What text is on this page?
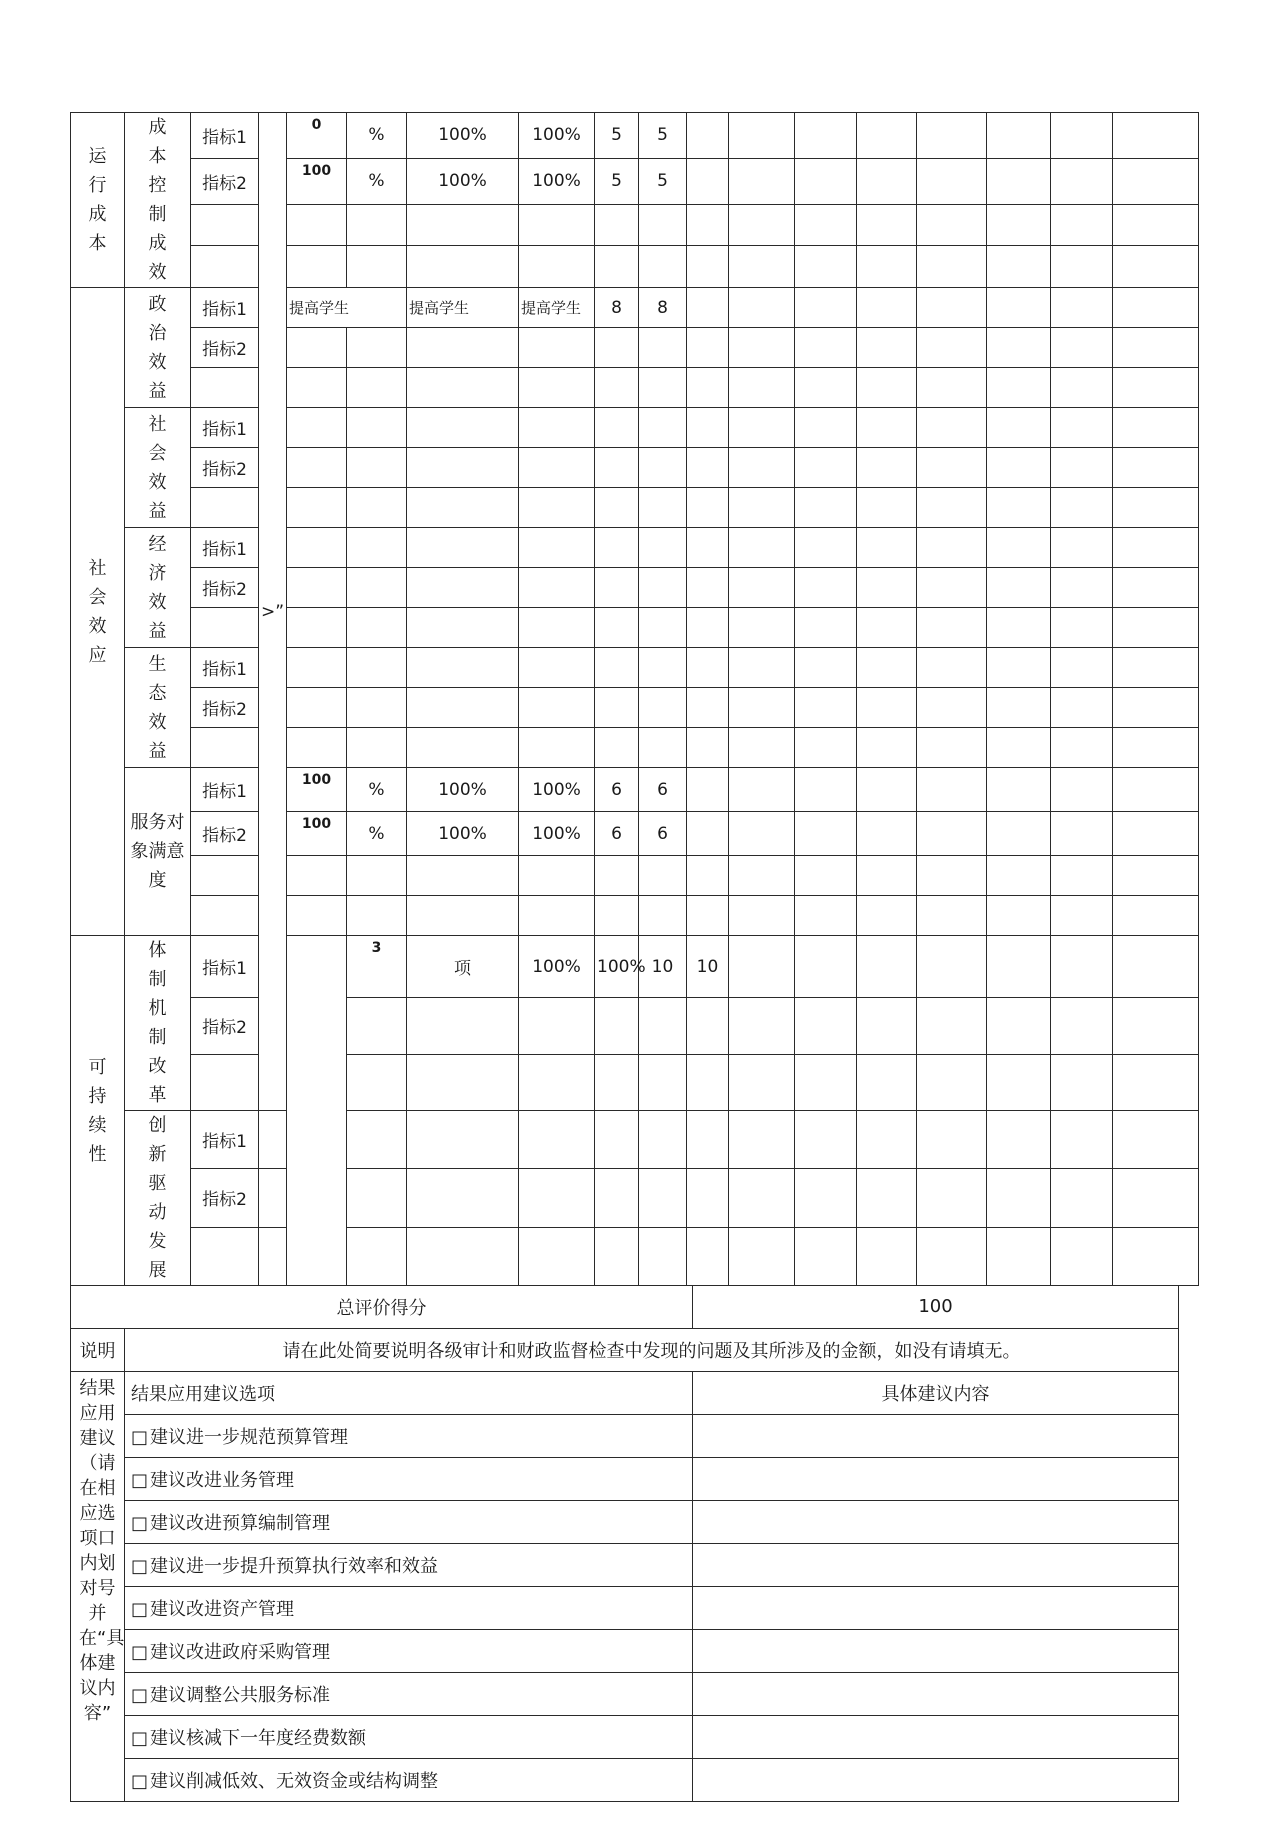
运行成本	成本控制成效	指标1	>”	0	%	100%	100%	5	5									
		指标2		100	%	100%	100%	5	5									

社会效应	政治效益	指标1		提高学生		提高学生	提高学生	8	8									
		指标2																

	社会效益	指标1																
		指标2																

	经济效益	指标1																
		指标2																

	生态效益	指标1																
		指标2																

	服务对象满意度	指标1		100	%	100%	100%	6	6									
		指标2		100	%	100%	100%	6	6									

可持续性	体制机制改革	指标1			3	项	100%	100%	10	10								
		指标2																

	创新驱动发展	指标1																
		指标2																

总评价得分		100
说明	请在此处简要说明各级审计和财政监督检查中发现的问题及其所涉及的金额，如没有请填无。	
结果应用建议（请在相应选项口内划对号并在“具体建议内容”	结果应用建议选项	具体建议内容
	□ 建议进一步规范预算管理	
	□ 建议改进业务管理	
	□ 建议改进预算编制管理	
	□ 建议进一步提升预算执行效率和效益	
	□ 建议改进资产管理	
	□ 建议改进政府采购管理	
	□ 建议调整公共服务标准	
	□ 建议核减下一年度经费数额	
	□ 建议削减低效、无效资金或结构调整	
